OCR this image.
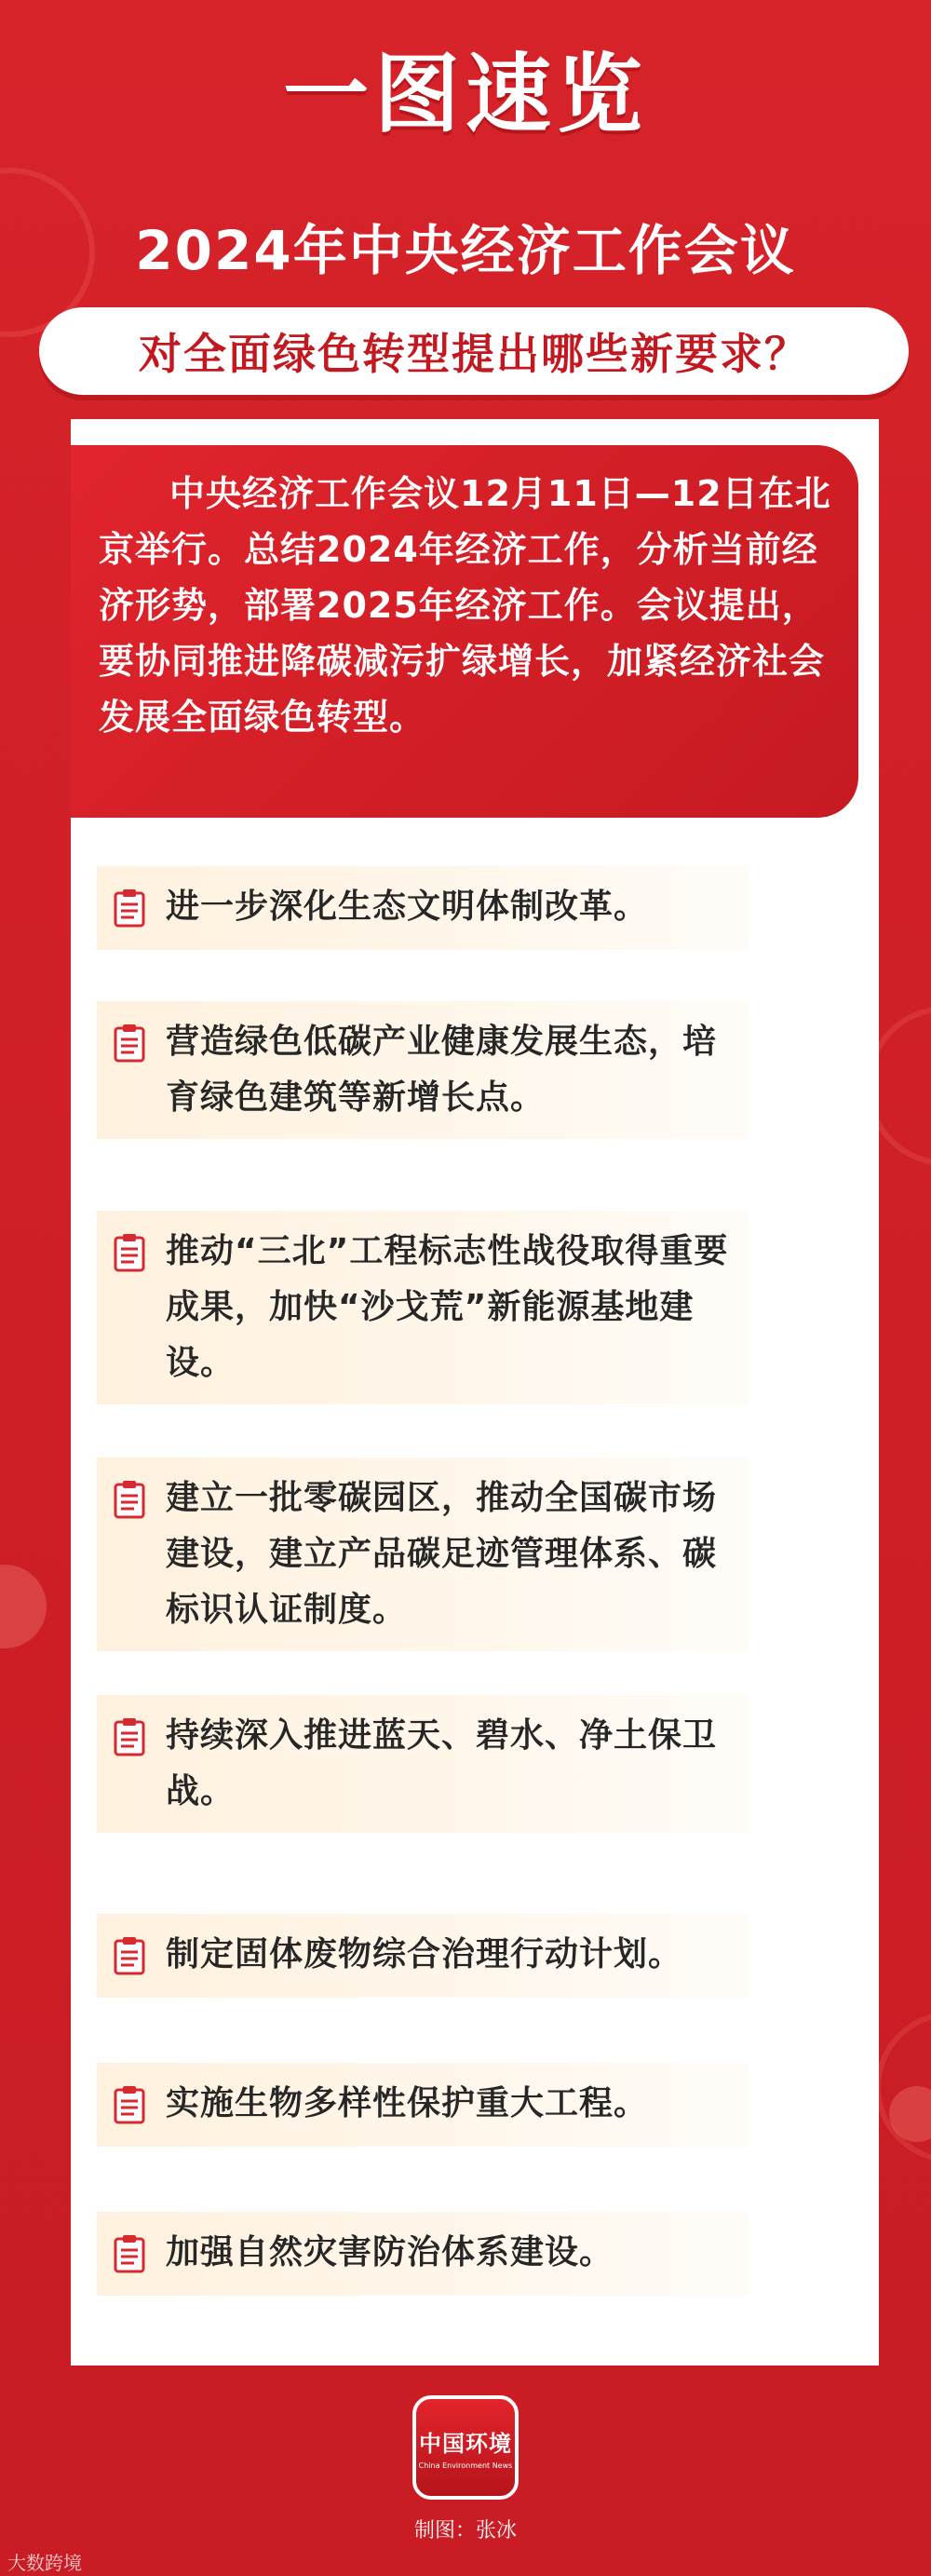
一图速览
2024年中央经济工作会议
对全面绿色转型提出哪些新要求？
中央经济工作会议12月11日—12日在北京举行。总结2024年经济工作，分析当前经济形势，部署2025年经济工作。会议提出，要协同推进降碳减污扩绿增长，加紧经济社会发展全面绿色转型。
进一步深化生态文明体制改革。
营造绿色低碳产业健康发展生态，培育绿色建筑等新增长点。
推动“三北”工程标志性战役取得重要成果，加快“沙戈荒”新能源基地建设。
建立一批零碳园区，推动全国碳市场建设，建立产品碳足迹管理体系、碳标识认证制度。
持续深入推进蓝天、碧水、净土保卫战。
制定固体废物综合治理行动计划。
实施生物多样性保护重大工程。
加强自然灾害防治体系建设。
中国环境
China Environment News
制图：张冰
大数跨境
